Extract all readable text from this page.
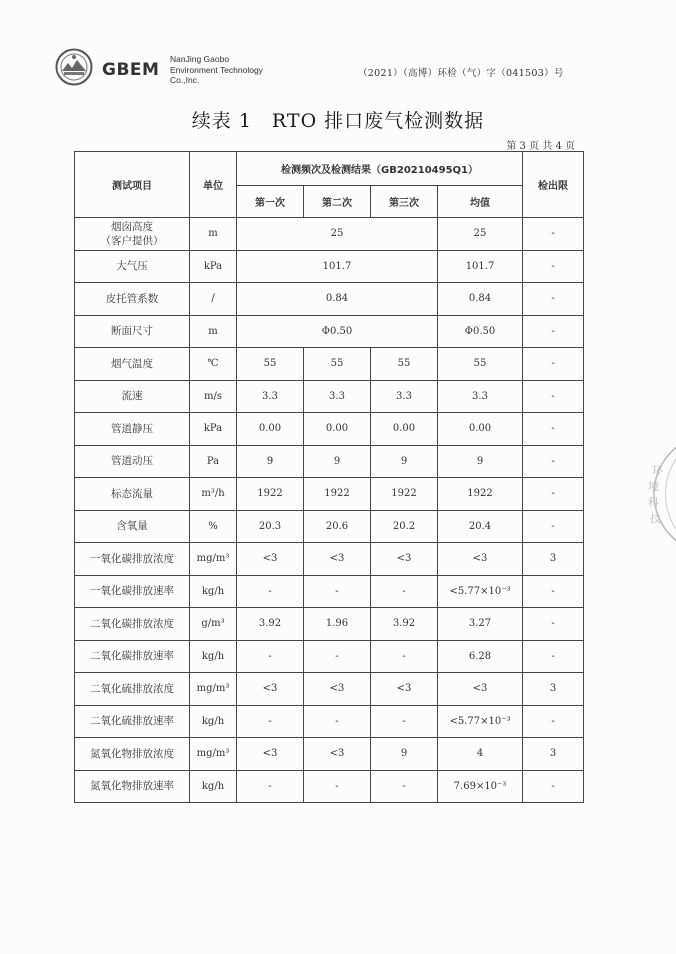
GBEM
NanJing Gaobo
Environment Technology
Co.,Inc.
（2021）（高博）环检（气）字（041503）号
续表 1　RTO 排口废气检测数据
第 3 页 共 4 页
测试项目	单位	检测频次及检测结果（GB20210495Q1）				检出限
		第一次	第二次	第三次	均值	
烟囱高度
（客户提供）	m	25			25	-
大气压	kPa	101.7			101.7	-
皮托管系数	/	0.84			0.84	-
断面尺寸	m	Φ0.50			Φ0.50	-
烟气温度	℃	55	55	55	55	-
流速	m/s	3.3	3.3	3.3	3.3	-
管道静压	kPa	0.00	0.00	0.00	0.00	-
管道动压	Pa	9	9	9	9	-
标态流量	m³/h	1922	1922	1922	1922	-
含氧量	%	20.3	20.6	20.2	20.4	-
一氧化碳排放浓度	mg/m³	<3	<3	<3	<3	3
一氧化碳排放速率	kg/h	-	-	-	<5.77×10⁻³	-
二氧化碳排放浓度	g/m³	3.92	1.96	3.92	3.27	-
二氧化碳排放速率	kg/h	-	-	-	6.28	-
二氧化硫排放浓度	mg/m³	<3	<3	<3	<3	3
二氧化硫排放速率	kg/h	-	-	-	<5.77×10⁻³	-
氮氧化物排放浓度	mg/m³	<3	<3	9	4	3
氮氧化物排放速率	kg/h	-	-	-	7.69×10⁻³	-
环
境
科
技
